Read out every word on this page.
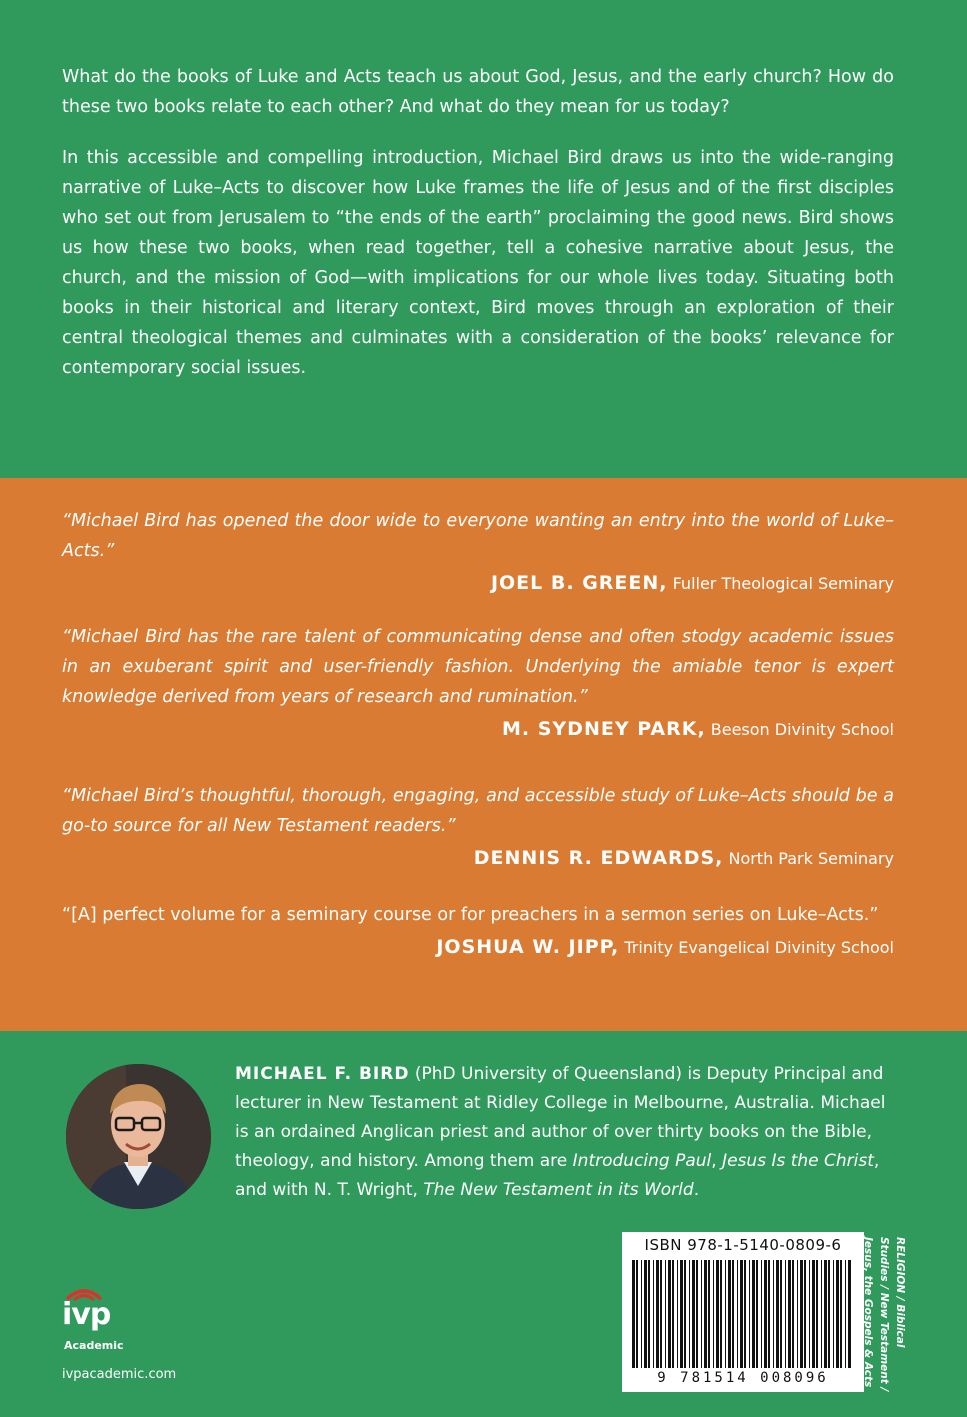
What do the books of Luke and Acts teach us about God, Jesus, and the early church? How do these two books relate to each other? And what do they mean for us today?

In this accessible and compelling introduction, Michael Bird draws us into the wide-ranging narrative of Luke–Acts to discover how Luke frames the life of Jesus and of the first disciples who set out from Jerusalem to “the ends of the earth” proclaiming the good news. Bird shows us how these two books, when read together, tell a cohesive narrative about Jesus, the church, and the mission of God—with implications for our whole lives today. Situating both books in their historical and literary context, Bird moves through an exploration of their central theological themes and culminates with a consideration of the books’ relevance for contemporary social issues.

“Michael Bird has opened the door wide to everyone wanting an entry into the world of Luke–Acts.”

JOEL B. GREEN, Fuller Theological Seminary

“Michael Bird has the rare talent of communicating dense and often stodgy academic issues in an exuberant spirit and user-friendly fashion. Underlying the amiable tenor is expert knowledge derived from years of research and rumination.”

M. SYDNEY PARK, Beeson Divinity School

“Michael Bird’s thoughtful, thorough, engaging, and accessible study of Luke–Acts should be a go-to source for all New Testament readers.”

DENNIS R. EDWARDS, North Park Seminary

“[A] perfect volume for a seminary course or for preachers in a sermon series on Luke–Acts.”

JOSHUA W. JIPP, Trinity Evangelical Divinity School

MICHAEL F. BIRD (PhD University of Queensland) is Deputy Principal and lecturer in New Testament at Ridley College in Melbourne, Australia. Michael is an ordained Anglican priest and author of over thirty books on the Bible, theology, and history. Among them are Introducing Paul, Jesus Is the Christ, and with N. T. Wright, The New Testament in its World.

ivp
Academic
ivpacademic.com
ISBN 978-1-5140-0809-6
9 781514 008096
RELIGION / Biblical Studies / New Testament / Jesus, the Gospels & Acts
